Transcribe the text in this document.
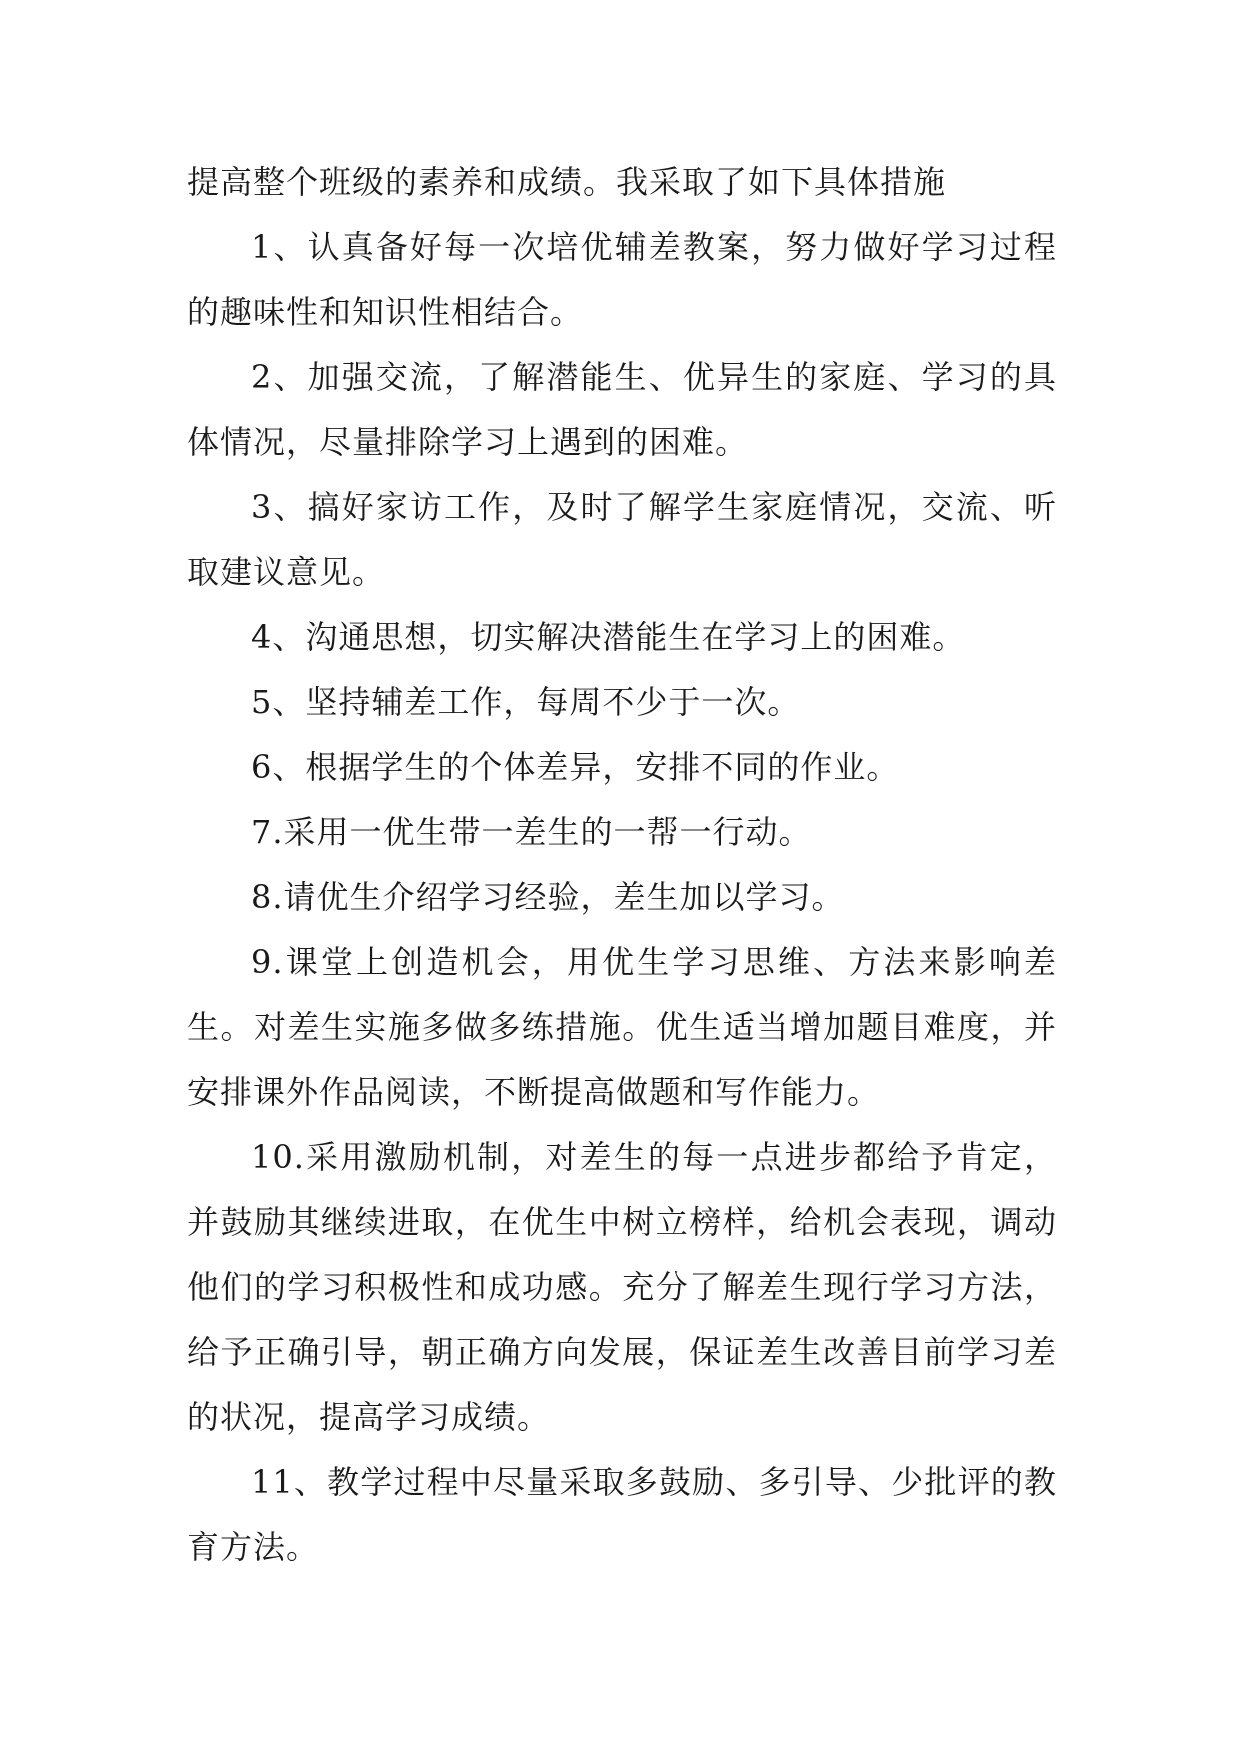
提高整个班级的素养和成绩。我采取了如下具体措施

1、认真备好每一次培优辅差教案，努力做好学习过程的趣味性和知识性相结合。

2、加强交流，了解潜能生、优异生的家庭、学习的具体情况，尽量排除学习上遇到的困难。

3、搞好家访工作，及时了解学生家庭情况，交流、听取建议意见。

4、沟通思想，切实解决潜能生在学习上的困难。

5、坚持辅差工作，每周不少于一次。

6、根据学生的个体差异，安排不同的作业。

7.采用一优生带一差生的一帮一行动。

8.请优生介绍学习经验，差生加以学习。

9.课堂上创造机会，用优生学习思维、方法来影响差生。对差生实施多做多练措施。优生适当增加题目难度，并安排课外作品阅读，不断提高做题和写作能力。

10.采用激励机制，对差生的每一点进步都给予肯定，并鼓励其继续进取，在优生中树立榜样，给机会表现，调动他们的学习积极性和成功感。充分了解差生现行学习方法，给予正确引导，朝正确方向发展，保证差生改善目前学习差的状况，提高学习成绩。

11、教学过程中尽量采取多鼓励、多引导、少批评的教育方法。
